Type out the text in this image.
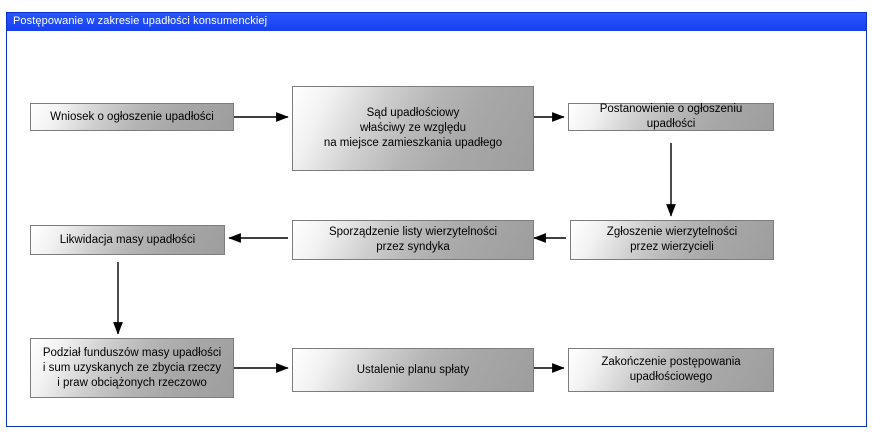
Postępowanie w zakresie upadłości konsumenckiej
Wniosek o ogłoszenie upadłości	Sąd upadłościowy
właściwy ze względu
na miejsce zamieszkania upadłego
Postanowienie o ogłoszeniu upadłości
Zgłoszenie wierzytelności
przez wierzycieli
Sporządzenie listy wierzytelności
przez syndyka
Likwidacja masy upadłości
Podział funduszów masy upadłości
i sum uzyskanych ze zbycia rzeczy
i praw obciążonych rzeczowo
Ustalenie planu spłaty
Zakończenie postępowania
upadłościowego
